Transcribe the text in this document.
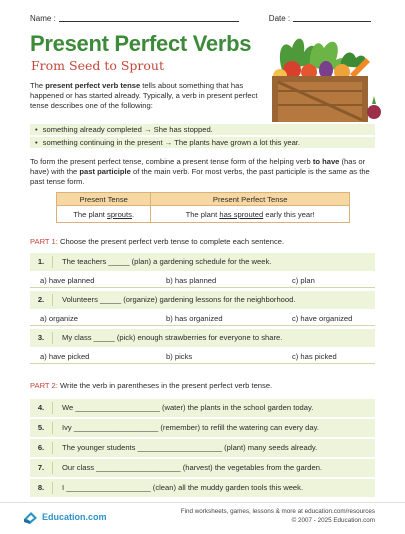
Name :	Date :
Present Perfect Verbs
From Seed to Sprout
The present perfect verb tense tells about something that has happened or has started already. Typically, a verb in present perfect tense describes one of the following:
• something already completed → She has stopped.
• something continuing in the present → The plants have grown a lot this year.
To form the present perfect tense, combine a present tense form of the helping verb to have (has or have) with the past participle of the main verb. For most verbs, the past participle is the same as the past tense form.
Present Tense	Present Perfect Tense
The plant sprouts.	The plant has sprouted early this year!
PART 1: Choose the present perfect verb tense to complete each sentence.
1.	The teachers _____ (plan) a gardening schedule for the week.
a) have planned	b) has planned	c) plan
2.	Volunteers _____ (organize) gardening lessons for the neighborhood.
a) organize	b) has organized	c) have organized
3.	My class _____ (pick) enough strawberries for everyone to share.
a) have picked	b) picks	c) has picked
PART 2: Write the verb in parentheses in the present perfect verb tense.
4.	We ____________________ (water) the plants in the school garden today.
5.	Ivy ____________________ (remember) to refill the watering can every day.
6.	The younger students ____________________ (plant) many seeds already.
7.	Our class ____________________ (harvest) the vegetables from the garden.
8.	I ____________________ (clean) all the muddy garden tools this week.
Education.com	Find worksheets, games, lessons & more at education.com/resources
© 2007 - 2025 Education.com
